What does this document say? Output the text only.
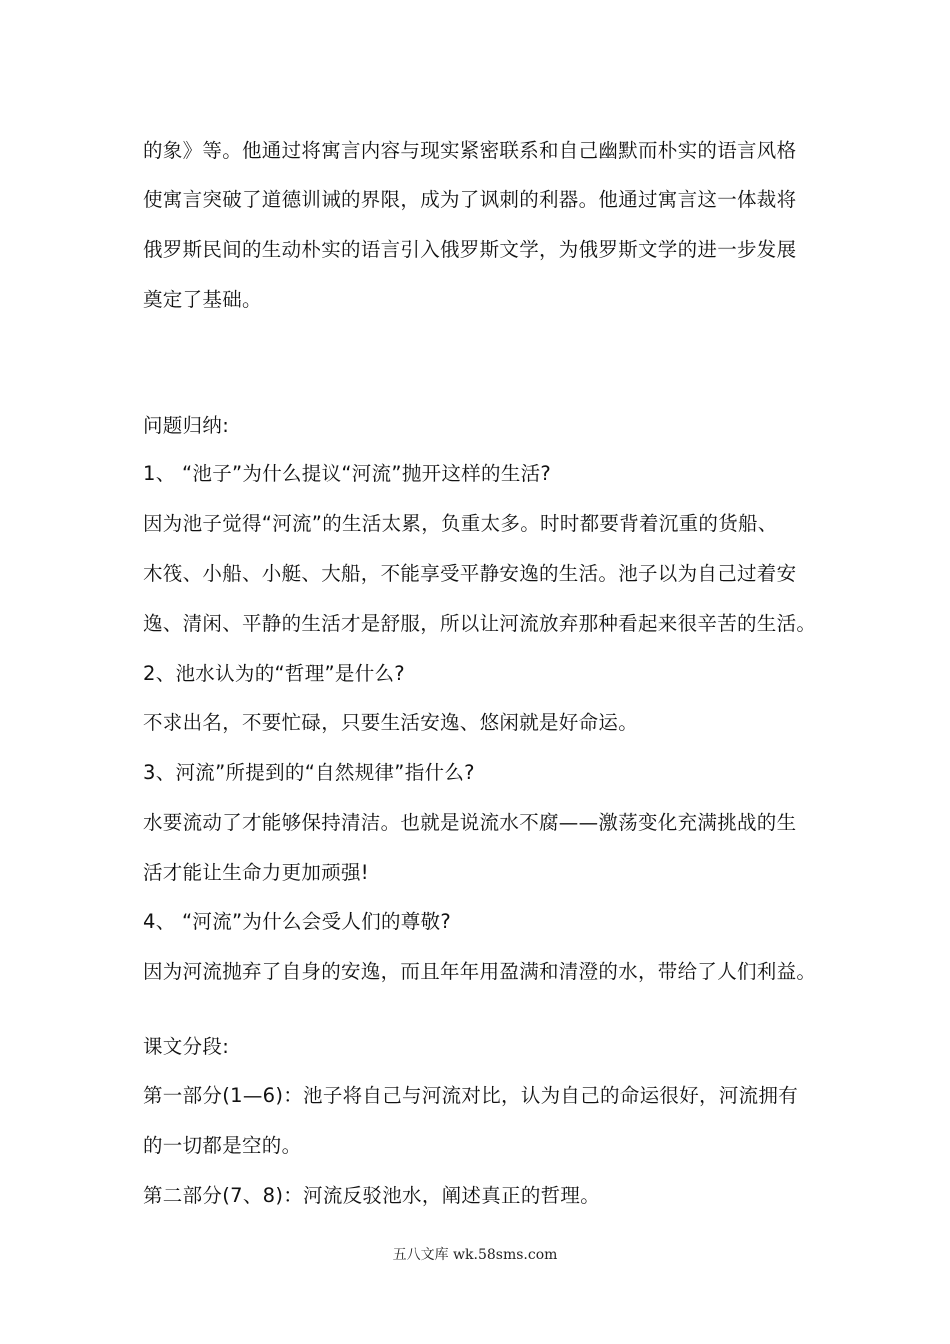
的象》等。他通过将寓言内容与现实紧密联系和自己幽默而朴实的语言风格
使寓言突破了道德训诫的界限，成为了讽刺的利器。他通过寓言这一体裁将
俄罗斯民间的生动朴实的语言引入俄罗斯文学，为俄罗斯文学的进一步发展
奠定了基础。
问题归纳:
1、 “池子”为什么提议“河流”抛开这样的生活?
因为池子觉得“河流”的生活太累，负重太多。时时都要背着沉重的货船、
木筏、小船、小艇、大船，不能享受平静安逸的生活。池子以为自己过着安
逸、清闲、平静的生活才是舒服，所以让河流放弃那种看起来很辛苦的生活。
2、池水认为的“哲理”是什么?
不求出名，不要忙碌，只要生活安逸、悠闲就是好命运。
3、河流”所提到的“自然规律”指什么?
水要流动了才能够保持清洁。也就是说流水不腐——激荡变化充满挑战的生
活才能让生命力更加顽强!
4、 “河流”为什么会受人们的尊敬?
因为河流抛弃了自身的安逸，而且年年用盈满和清澄的水，带给了人们利益。
课文分段:
第一部分(1—6)：池子将自己与河流对比，认为自己的命运很好，河流拥有
的一切都是空的。
第二部分(7、8)：河流反驳池水，阐述真正的哲理。
五八文库 wk.58sms.com
